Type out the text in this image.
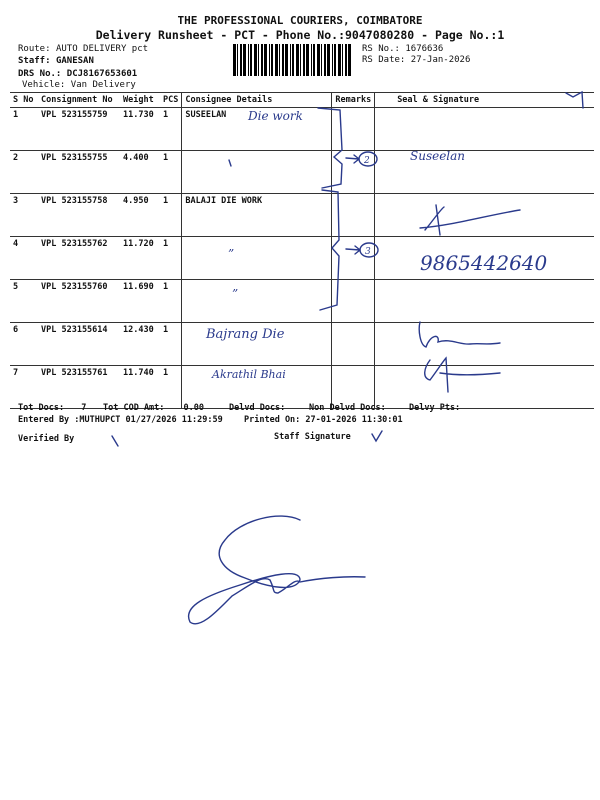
THE PROFESSIONAL COURIERS, COIMBATORE
Delivery Runsheet - PCT - Phone No.:9047080280 - Page No.:1
Route: AUTO DELIVERY pct
Staff: GANESAN
DRS No.: DCJ8167653601
Vehicle: Van Delivery
RS No.: 1676636
RS Date: 27-Jan-2026
S No	Consignment No	Weight	PCS	Consignee Details	Remarks	Seal & Signature
1	VPL 523155759	11.730	1	SUSEELAN		
2	VPL 523155755	4.400	1			
3	VPL 523155758	4.950	1	BALAJI DIE WORK		
4	VPL 523155762	11.720	1			
5	VPL 523155760	11.690	1			
6	VPL 523155614	12.430	1			
7	VPL 523155761	11.740	1			
Tot Docs: 7 Tot COD Amt: 0.00	Delvd Docs:	Non Delvd Docs:	Delvy Pts:
Entered By :MUTHUPCT 01/27/2026 11:29:59	Printed On: 27-01-2026 11:30:01
Verified By	Staff Signature
Die work
Suseelan
2
3
”
”
9865442640
Bajrang Die
Akrathil Bhai
